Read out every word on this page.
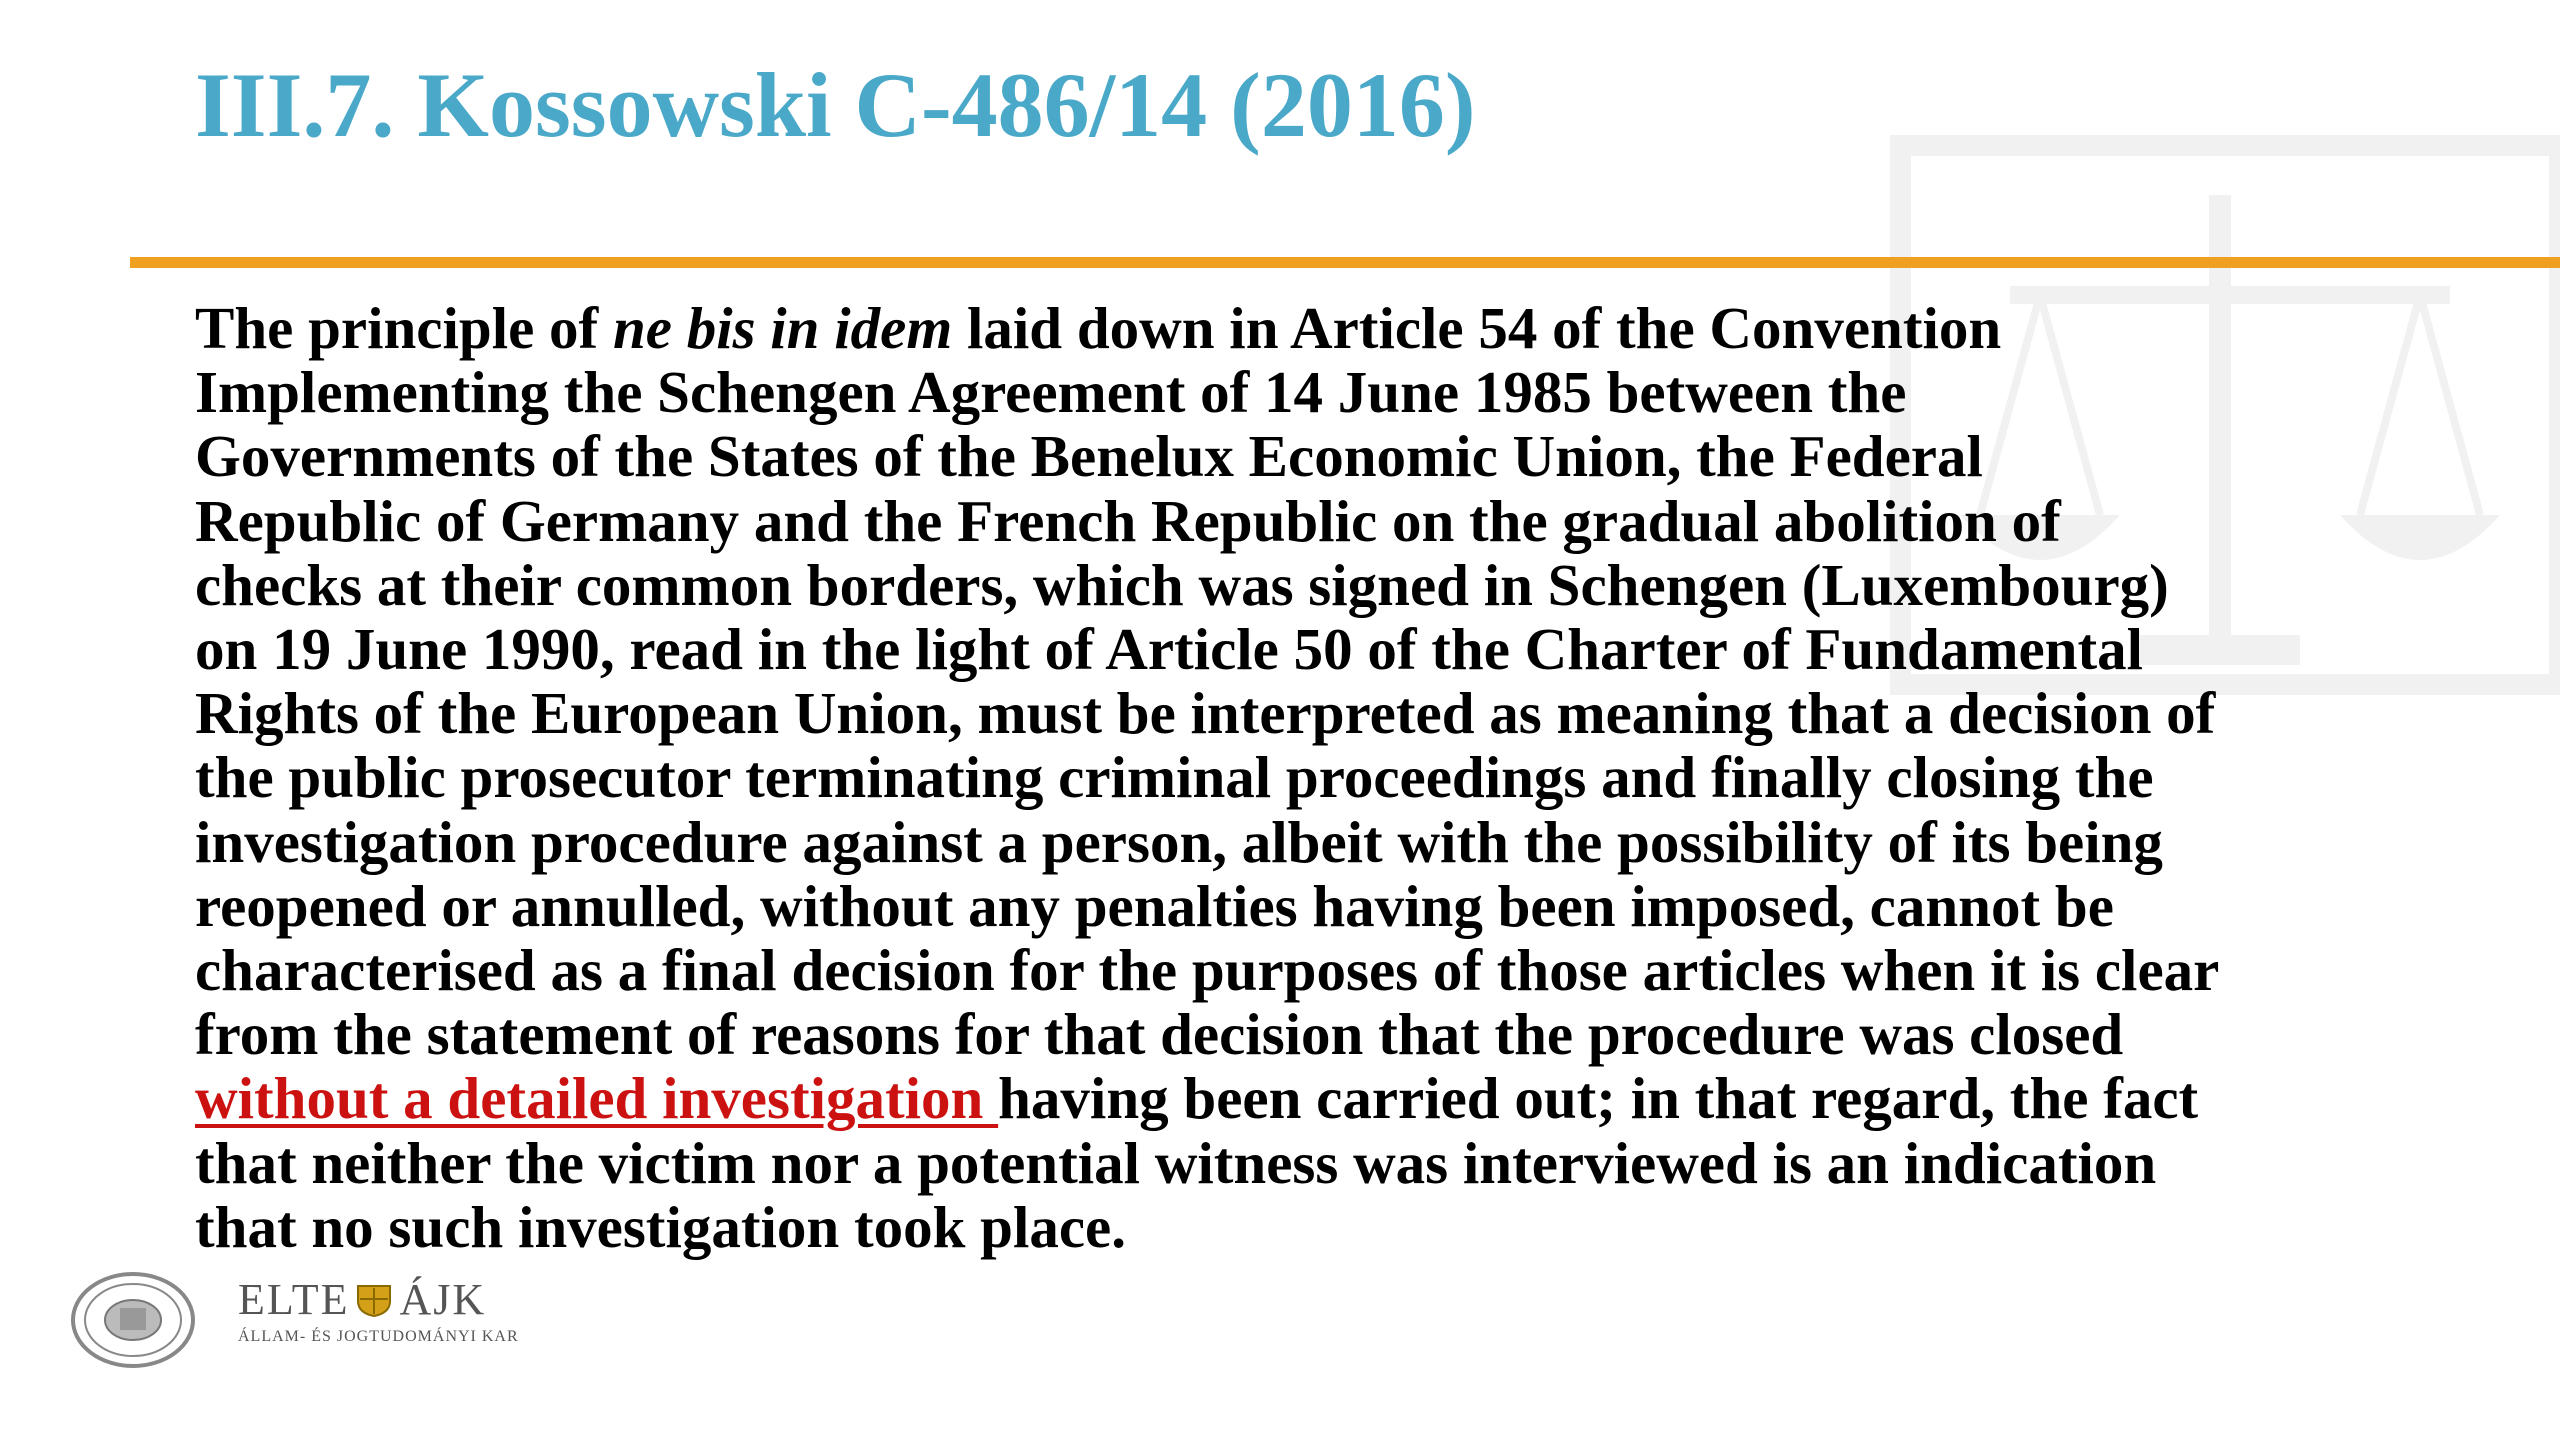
III.7. Kossowski C-486/14 (2016)

The principle of ne bis in idem laid down in Article 54 of the Convention
Implementing the Schengen Agreement of 14 June 1985 between the
Governments of the States of the Benelux Economic Union, the Federal
Republic of Germany and the French Republic on the gradual abolition of
checks at their common borders, which was signed in Schengen (Luxembourg)
on 19 June 1990, read in the light of Article 50 of the Charter of Fundamental
Rights of the European Union, must be interpreted as meaning that a decision of
the public prosecutor terminating criminal proceedings and finally closing the
investigation procedure against a person, albeit with the possibility of its being
reopened or annulled, without any penalties having been imposed, cannot be
characterised as a final decision for the purposes of those articles when it is clear
from the statement of reasons for that decision that the procedure was closed
without a detailed investigation having been carried out; in that regard, the fact
that neither the victim nor a potential witness was interviewed is an indication
that no such investigation took place.

ELTE ÁJK
ÁLLAM- ÉS JOGTUDOMÁNYI KAR
